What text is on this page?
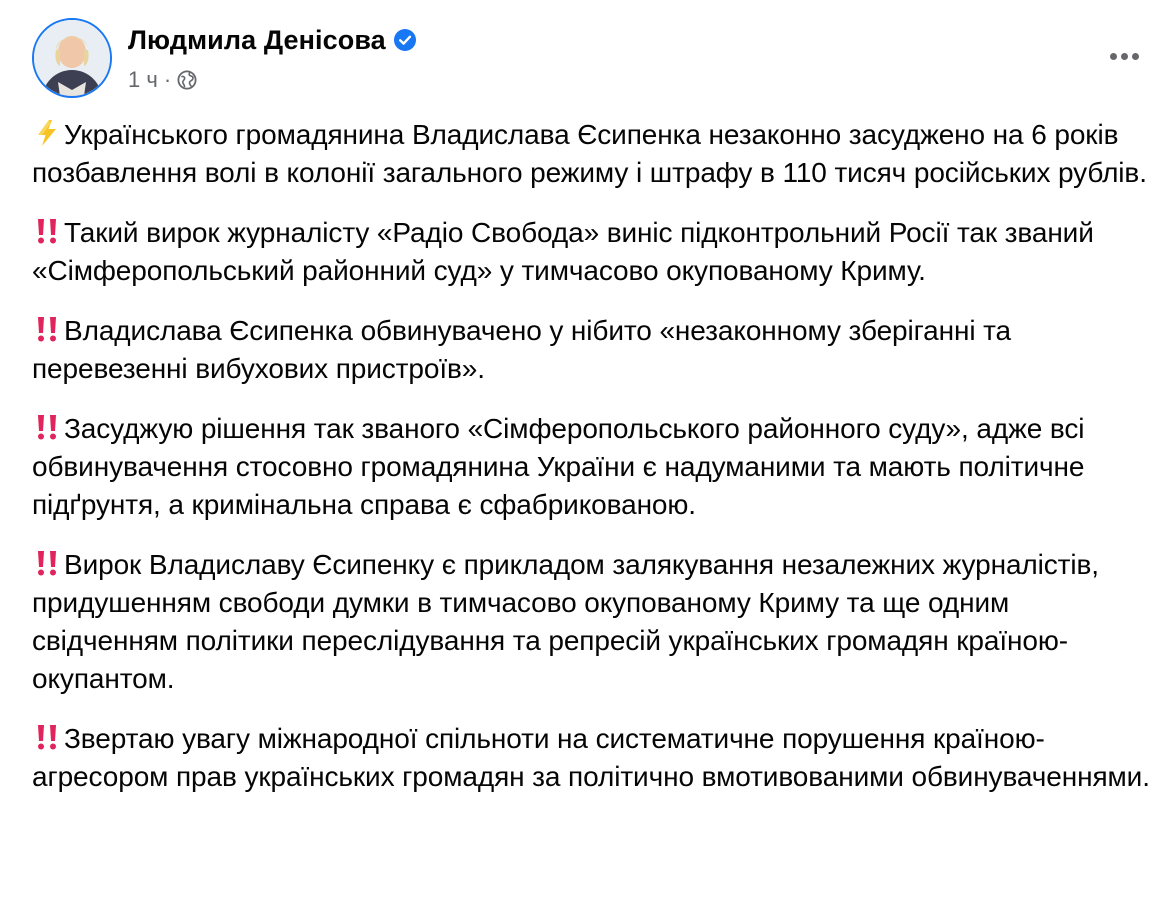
Людмила Денісова
1 ч ·

Українського громадянина Владислава Єсипенка незаконно засуджено на 6 років позбавлення волі в колонії загального режиму і штрафу в 110 тисяч російських рублів.

Такий вирок журналісту «Радіо Свобода» виніс підконтрольний Росії так званий «Сімферопольський районний суд» у тимчасово окупованому Криму.

Владислава Єсипенка обвинувачено у нібито «незаконному зберіганні та перевезенні вибухових пристроїв».

Засуджую рішення так званого «Сімферопольського районного суду», адже всі обвинувачення стосовно громадянина України є надуманими та мають політичне підґрунтя, а кримінальна справа є сфабрикованою.

Вирок Владиславу Єсипенку є прикладом залякування незалежних журналістів, придушенням свободи думки в тимчасово окупованому Криму та ще одним свідченням політики переслідування та репресій українських громадян країною-окупантом.

Звертаю увагу міжнародної спільноти на систематичне порушення країною-агресором прав українських громадян за політично вмотивованими обвинуваченнями.
